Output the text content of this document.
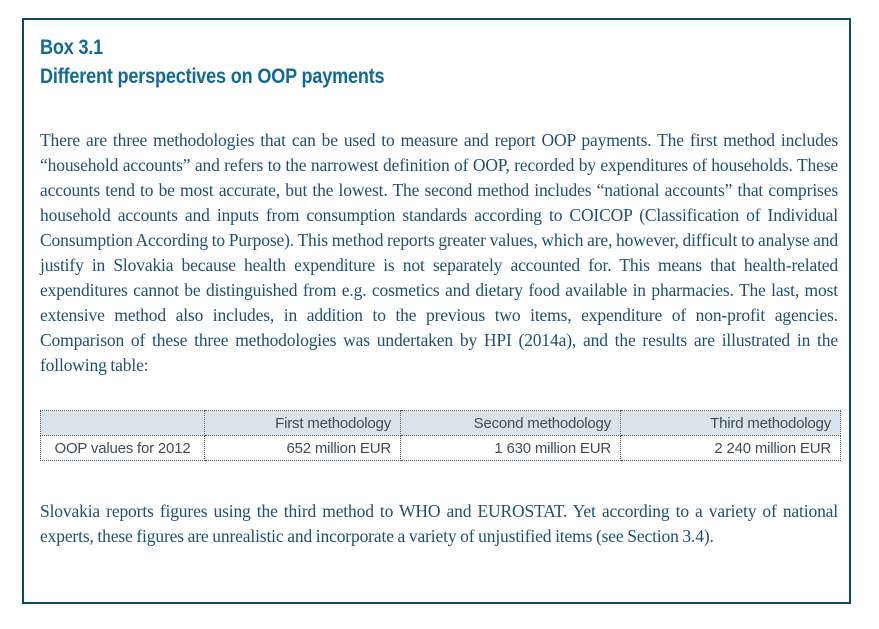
Box 3.1
Different perspectives on OOP payments

There are three methodologies that can be used to measure and report OOP payments. The first method includes “household accounts” and refers to the narrowest definition of OOP, recorded by expenditures of households. These accounts tend to be most accurate, but the lowest. The second method includes “national accounts” that comprises household accounts and inputs from consumption standards according to COICOP (Classification of Individual Consumption According to Purpose). This method reports greater values, which are, however, difficult to analyse and justify in Slovakia because health expenditure is not separately accounted for. This means that health-related expenditures cannot be distinguished from e.g. cosmetics and dietary food available in pharmacies. The last, most extensive method also includes, in addition to the previous two items, expenditure of non-profit agencies. Comparison of these three methodologies was undertaken by HPI (2014a), and the results are illustrated in the following table:

	First methodology	Second methodology	Third methodology
OOP values for 2012	652 million EUR	1 630 million EUR	2 240 million EUR

Slovakia reports figures using the third method to WHO and EUROSTAT. Yet according to a variety of national experts, these figures are unrealistic and incorporate a variety of unjustified items (see Section 3.4).
